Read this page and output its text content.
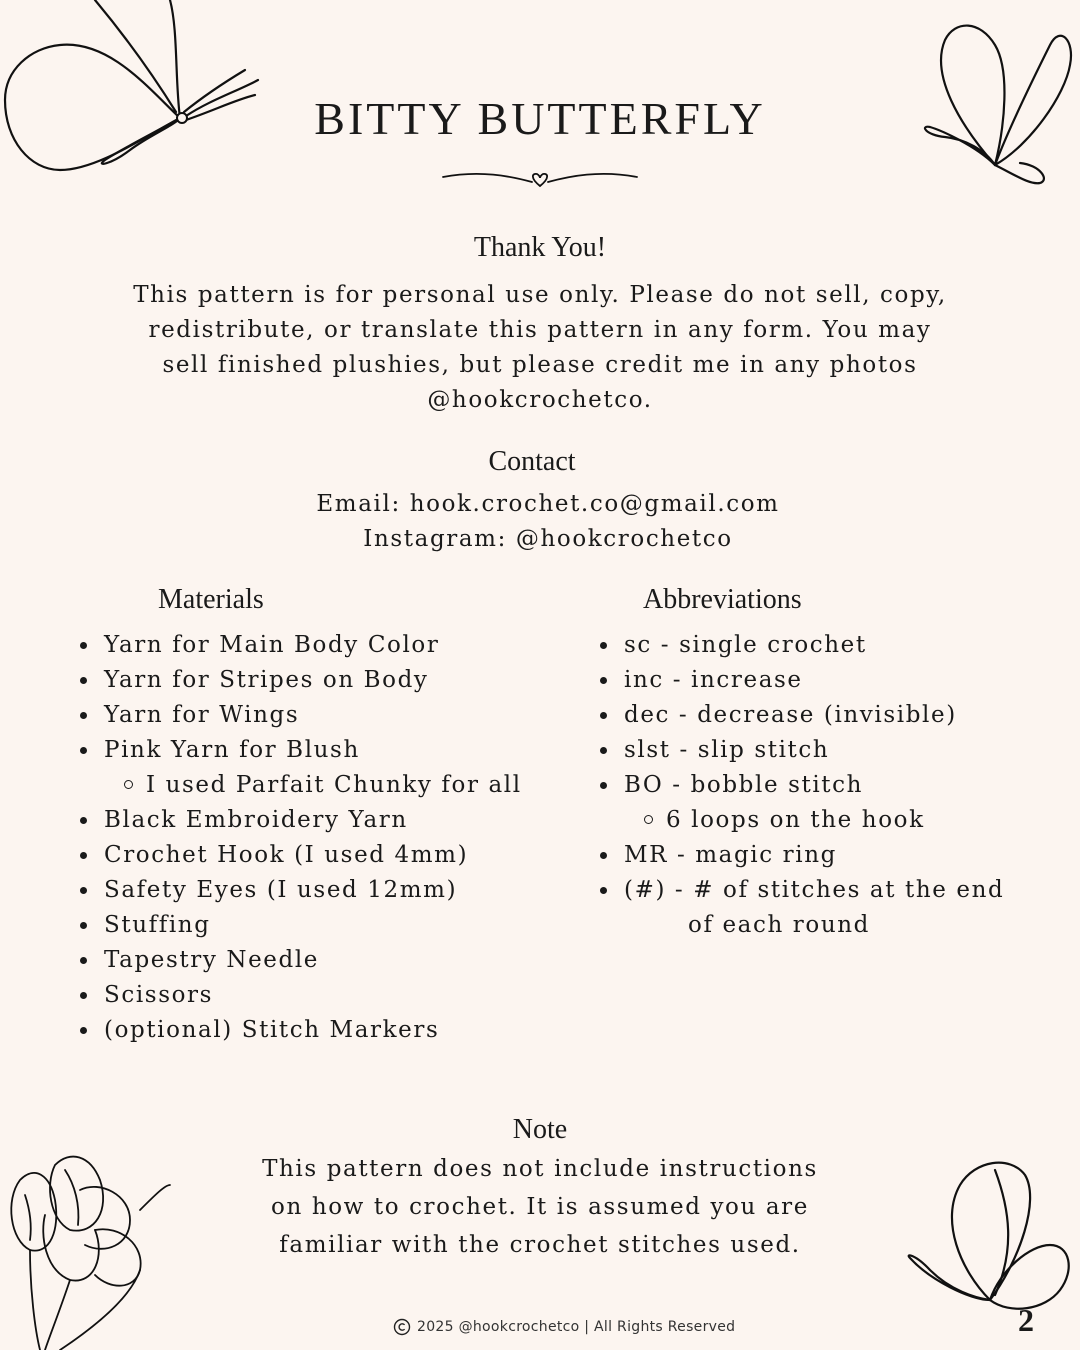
BITTY BUTTERFLY
Thank You!
This pattern is for personal use only. Please do not sell, copy,
redistribute, or translate this pattern in any form. You may
sell finished plushies, but please credit me in any photos
@hookcrochetco.
Contact
Email: hook.crochet.co@gmail.com
Instagram: @hookcrochetco
Materials
Yarn for Main Body Color
Yarn for Stripes on Body
Yarn for Wings
Pink Yarn for Blush
I used Parfait Chunky for all
Black Embroidery Yarn
Crochet Hook (I used 4mm)
Safety Eyes (I used 12mm)
Stuffing
Tapestry Needle
Scissors
(optional) Stitch Markers
Abbreviations
sc - single crochet
inc - increase
dec - decrease (invisible)
slst - slip stitch
BO - bobble stitch
6 loops on the hook
MR - magic ring
(#) - # of stitches at the end
of each round
Note
This pattern does not include instructions
on how to crochet. It is assumed you are
familiar with the crochet stitches used.
2025 @hookcrochetco | All Rights Reserved	2
